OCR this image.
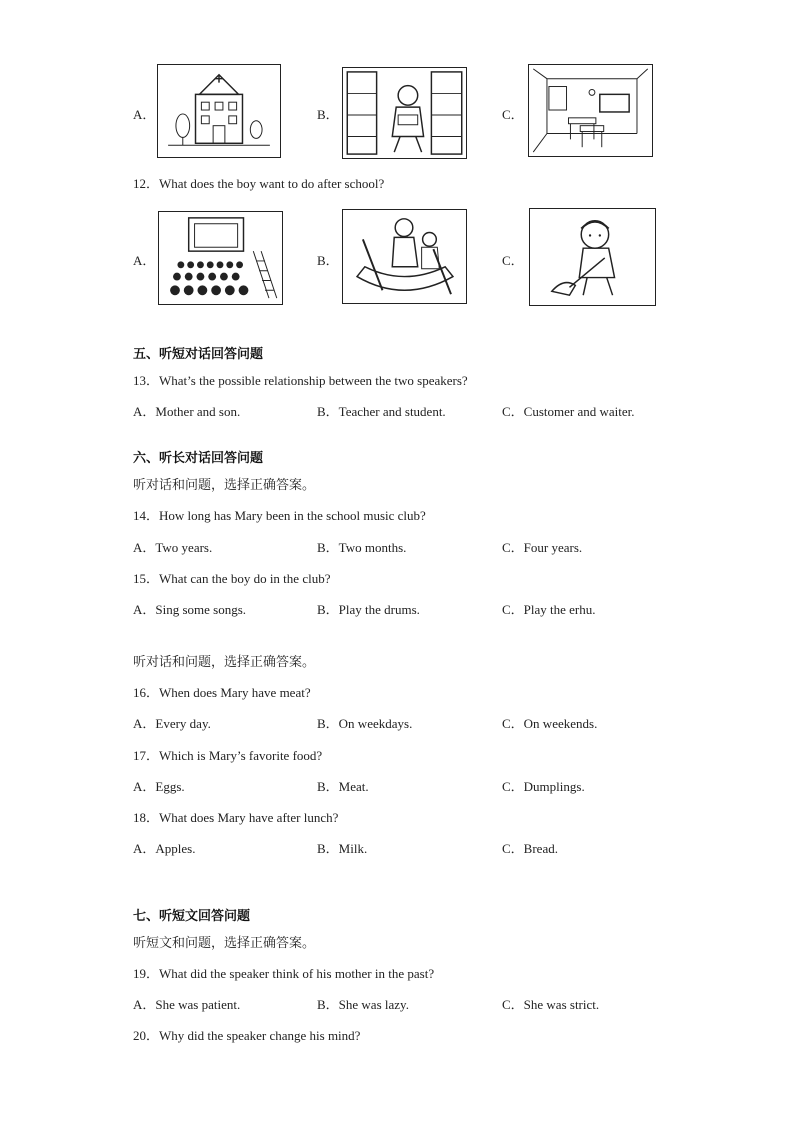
A．	B．	C．
12．What does the boy want to do after school?
A．	B．	C．
五、听短对话回答问题
13．What’s the possible relationship between the two speakers?
A．Mother and son.	B．Teacher and student.	C．Customer and waiter.
六、听长对话回答问题
听对话和问题，选择正确答案。
14．How long has Mary been in the school music club?
A．Two years.	B．Two months.	C．Four years.
15．What can the boy do in the club?
A．Sing some songs.	B．Play the drums.	C．Play the erhu.
听对话和问题，选择正确答案。
16．When does Mary have meat?
A．Every day.	B．On weekdays.	C．On weekends.
17．Which is Mary’s favorite food?
A．Eggs.	B．Meat.	C．Dumplings.
18．What does Mary have after lunch?
A．Apples.	B．Milk.	C．Bread.
七、听短文回答问题
听短文和问题，选择正确答案。
19．What did the speaker think of his mother in the past?
A．She was patient.	B．She was lazy.	C．She was strict.
20．Why did the speaker change his mind?
